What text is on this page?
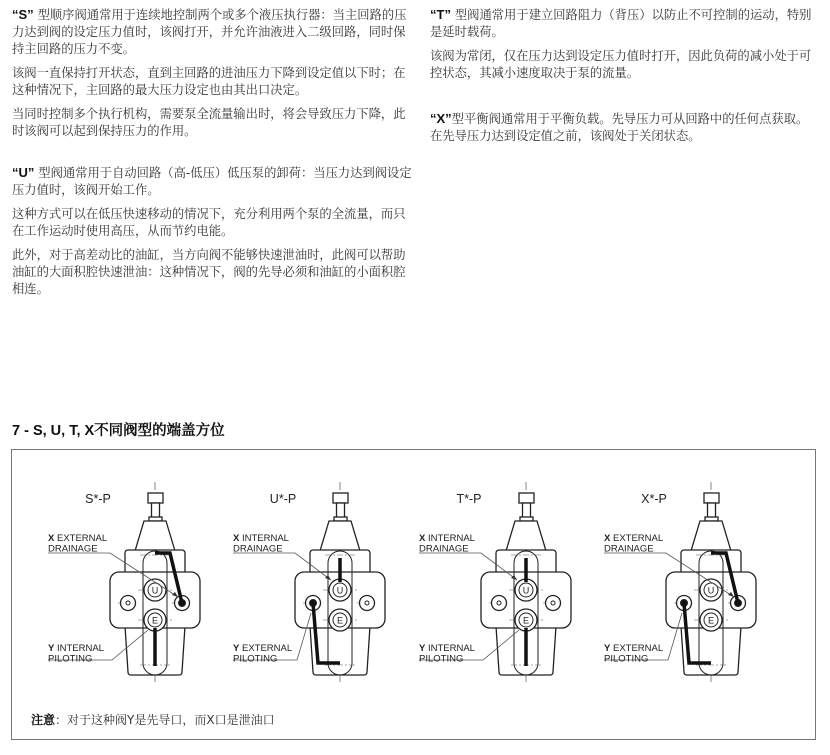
“S” 型顺序阀通常用于连续地控制两个或多个液压执行器：当主回路的压力达到阀的设定压力值时，该阀打开，并允许油液进入二级回路，同时保持主回路的压力不变。

该阀一直保持打开状态，直到主回路的进油压力下降到设定值以下时；在这种情况下，主回路的最大压力设定也由其出口决定。

当同时控制多个执行机构，需要泵全流量输出时，将会导致压力下降，此时该阀可以起到保持压力的作用。

“U” 型阀通常用于自动回路（高-低压）低压泵的卸荷：当压力达到阀设定压力值时，该阀开始工作。

这种方式可以在低压快速移动的情况下，充分利用两个泵的全流量，而只在工作运动时使用高压，从而节约电能。

此外，对于高差动比的油缸，当方向阀不能够快速泄油时，此阀可以帮助油缸的大面积腔快速泄油：这种情况下，阀的先导必须和油缸的小面积腔相连。

“T” 型阀通常用于建立回路阻力（背压）以防止不可控制的运动，特别是延时载荷。

该阀为常闭，仅在压力达到设定压力值时打开，因此负荷的减小处于可控状态，其减小速度取决于泵的流量。

“X”型平衡阀通常用于平衡负载。先导压力可从回路中的任何点获取。在先导压力达到设定值之前，该阀处于关闭状态。

7 - S, U, T, X不同阀型的端盖方位
U
E
S*-P
X EXTERNAL
DRAINAGE
Y INTERNAL
PILOTING
U
E
U*-P
X INTERNAL
DRAINAGE
Y EXTERNAL
PILOTING
U
E
T*-P
X INTERNAL
DRAINAGE
Y INTERNAL
PILOTING
U
E
X*-P
X EXTERNAL
DRAINAGE
Y EXTERNAL
PILOTING
注意：对于这种阀Y是先导口，而X口是泄油口
